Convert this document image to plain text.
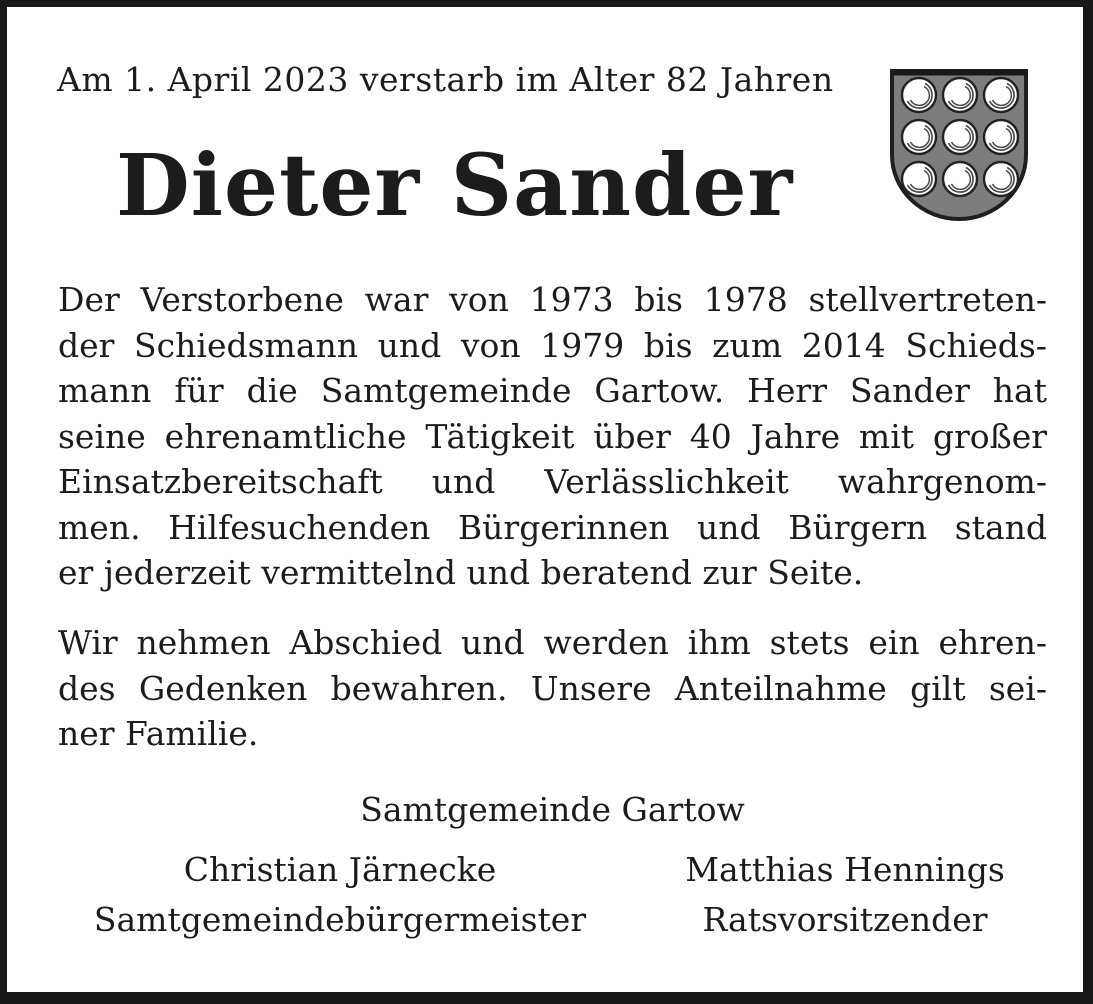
Am 1. April 2023 verstarb im Alter 82 Jahren
Dieter Sander
Der Verstorbene war von 1973 bis 1978 stellvertreten-
der Schiedsmann und von 1979 bis zum 2014 Schieds-
mann für die Samtgemeinde Gartow. Herr Sander hat
seine ehrenamtliche Tätigkeit über 40 Jahre mit großer
Einsatzbereitschaft und Verlässlichkeit wahrgenom-
men. Hilfesuchenden Bürgerinnen und Bürgern stand
er jederzeit vermittelnd und beratend zur Seite.
Wir nehmen Abschied und werden ihm stets ein ehren-
des Gedenken bewahren. Unsere Anteilnahme gilt sei-
ner Familie.
Samtgemeinde Gartow
Christian Järnecke	Matthias Hennings
Samtgemeindebürgermeister	Ratsvorsitzender
